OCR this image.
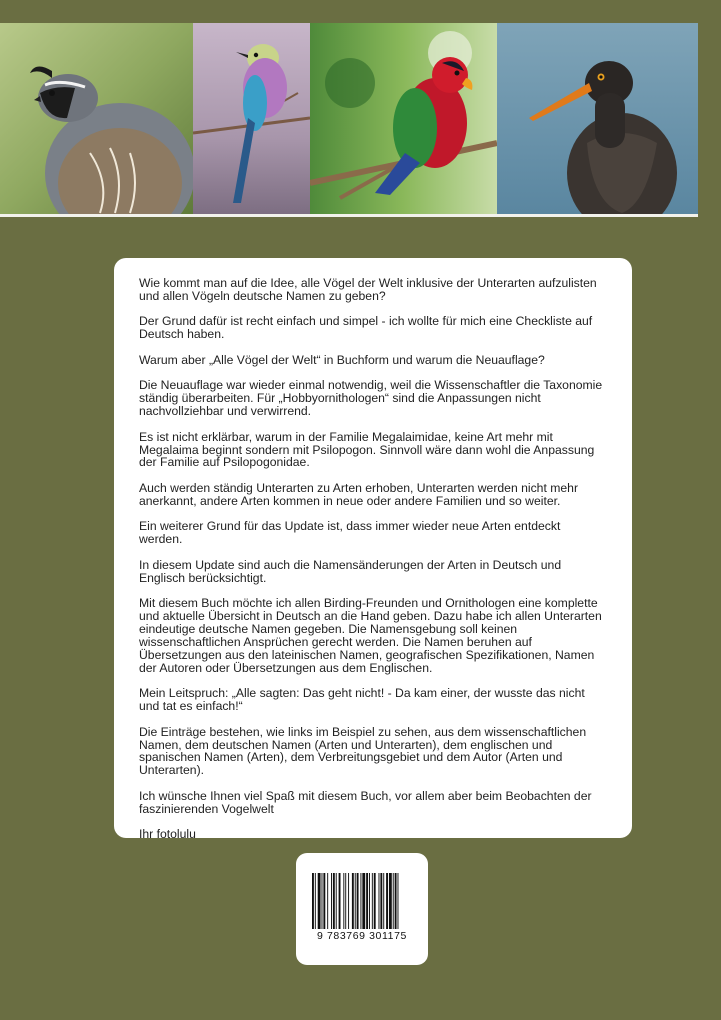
Wie kommt man auf die Idee, alle Vögel der Welt inklusive der Unterarten aufzulisten und allen Vögeln deutsche Namen zu geben?

Der Grund dafür ist recht einfach und simpel - ich wollte für mich eine Checkliste auf Deutsch haben.

Warum aber „Alle Vögel der Welt“ in Buchform und warum die Neuauflage?

Die Neuauflage war wieder einmal notwendig, weil die Wissenschaftler die Taxonomie ständig überarbeiten. Für „Hobbyornithologen“ sind die Anpassungen nicht nachvollziehbar und verwirrend.

Es ist nicht erklärbar, warum in der Familie Megalaimidae, keine Art mehr mit Megalaima beginnt sondern mit Psilopogon. Sinnvoll wäre dann wohl die Anpassung der Familie auf Psilopogonidae.

Auch werden ständig Unterarten zu Arten erhoben, Unterarten werden nicht mehr anerkannt, andere Arten kommen in neue oder andere Familien und so weiter.

Ein weiterer Grund für das Update ist, dass immer wieder neue Arten entdeckt werden.

In diesem Update sind auch die Namensänderungen der Arten in Deutsch und Englisch berücksichtigt.

Mit diesem Buch möchte ich allen Birding-Freunden und Ornithologen eine komplette und aktuelle Übersicht in Deutsch an die Hand geben. Dazu habe ich allen Unterarten eindeutige deutsche Namen gegeben. Die Namensgebung soll keinen wissenschaftlichen Ansprüchen gerecht werden. Die Namen beruhen auf Übersetzungen aus den lateinischen Namen, geografischen Spezifikationen, Namen der Autoren oder Übersetzungen aus dem Englischen.

Mein Leitspruch: „Alle sagten: Das geht nicht! - Da kam einer, der wusste das nicht und tat es einfach!“

Die Einträge bestehen, wie links im Beispiel zu sehen, aus dem wissenschaftlichen Namen, dem deutschen Namen (Arten und Unterarten), dem englischen und spanischen Namen (Arten), dem Verbreitungsgebiet und dem Autor (Arten und Unterarten).

Ich wünsche Ihnen viel Spaß mit diesem Buch, vor allem aber beim Beobachten der faszinierenden Vogelwelt

Ihr fotolulu

9 783769 301175
